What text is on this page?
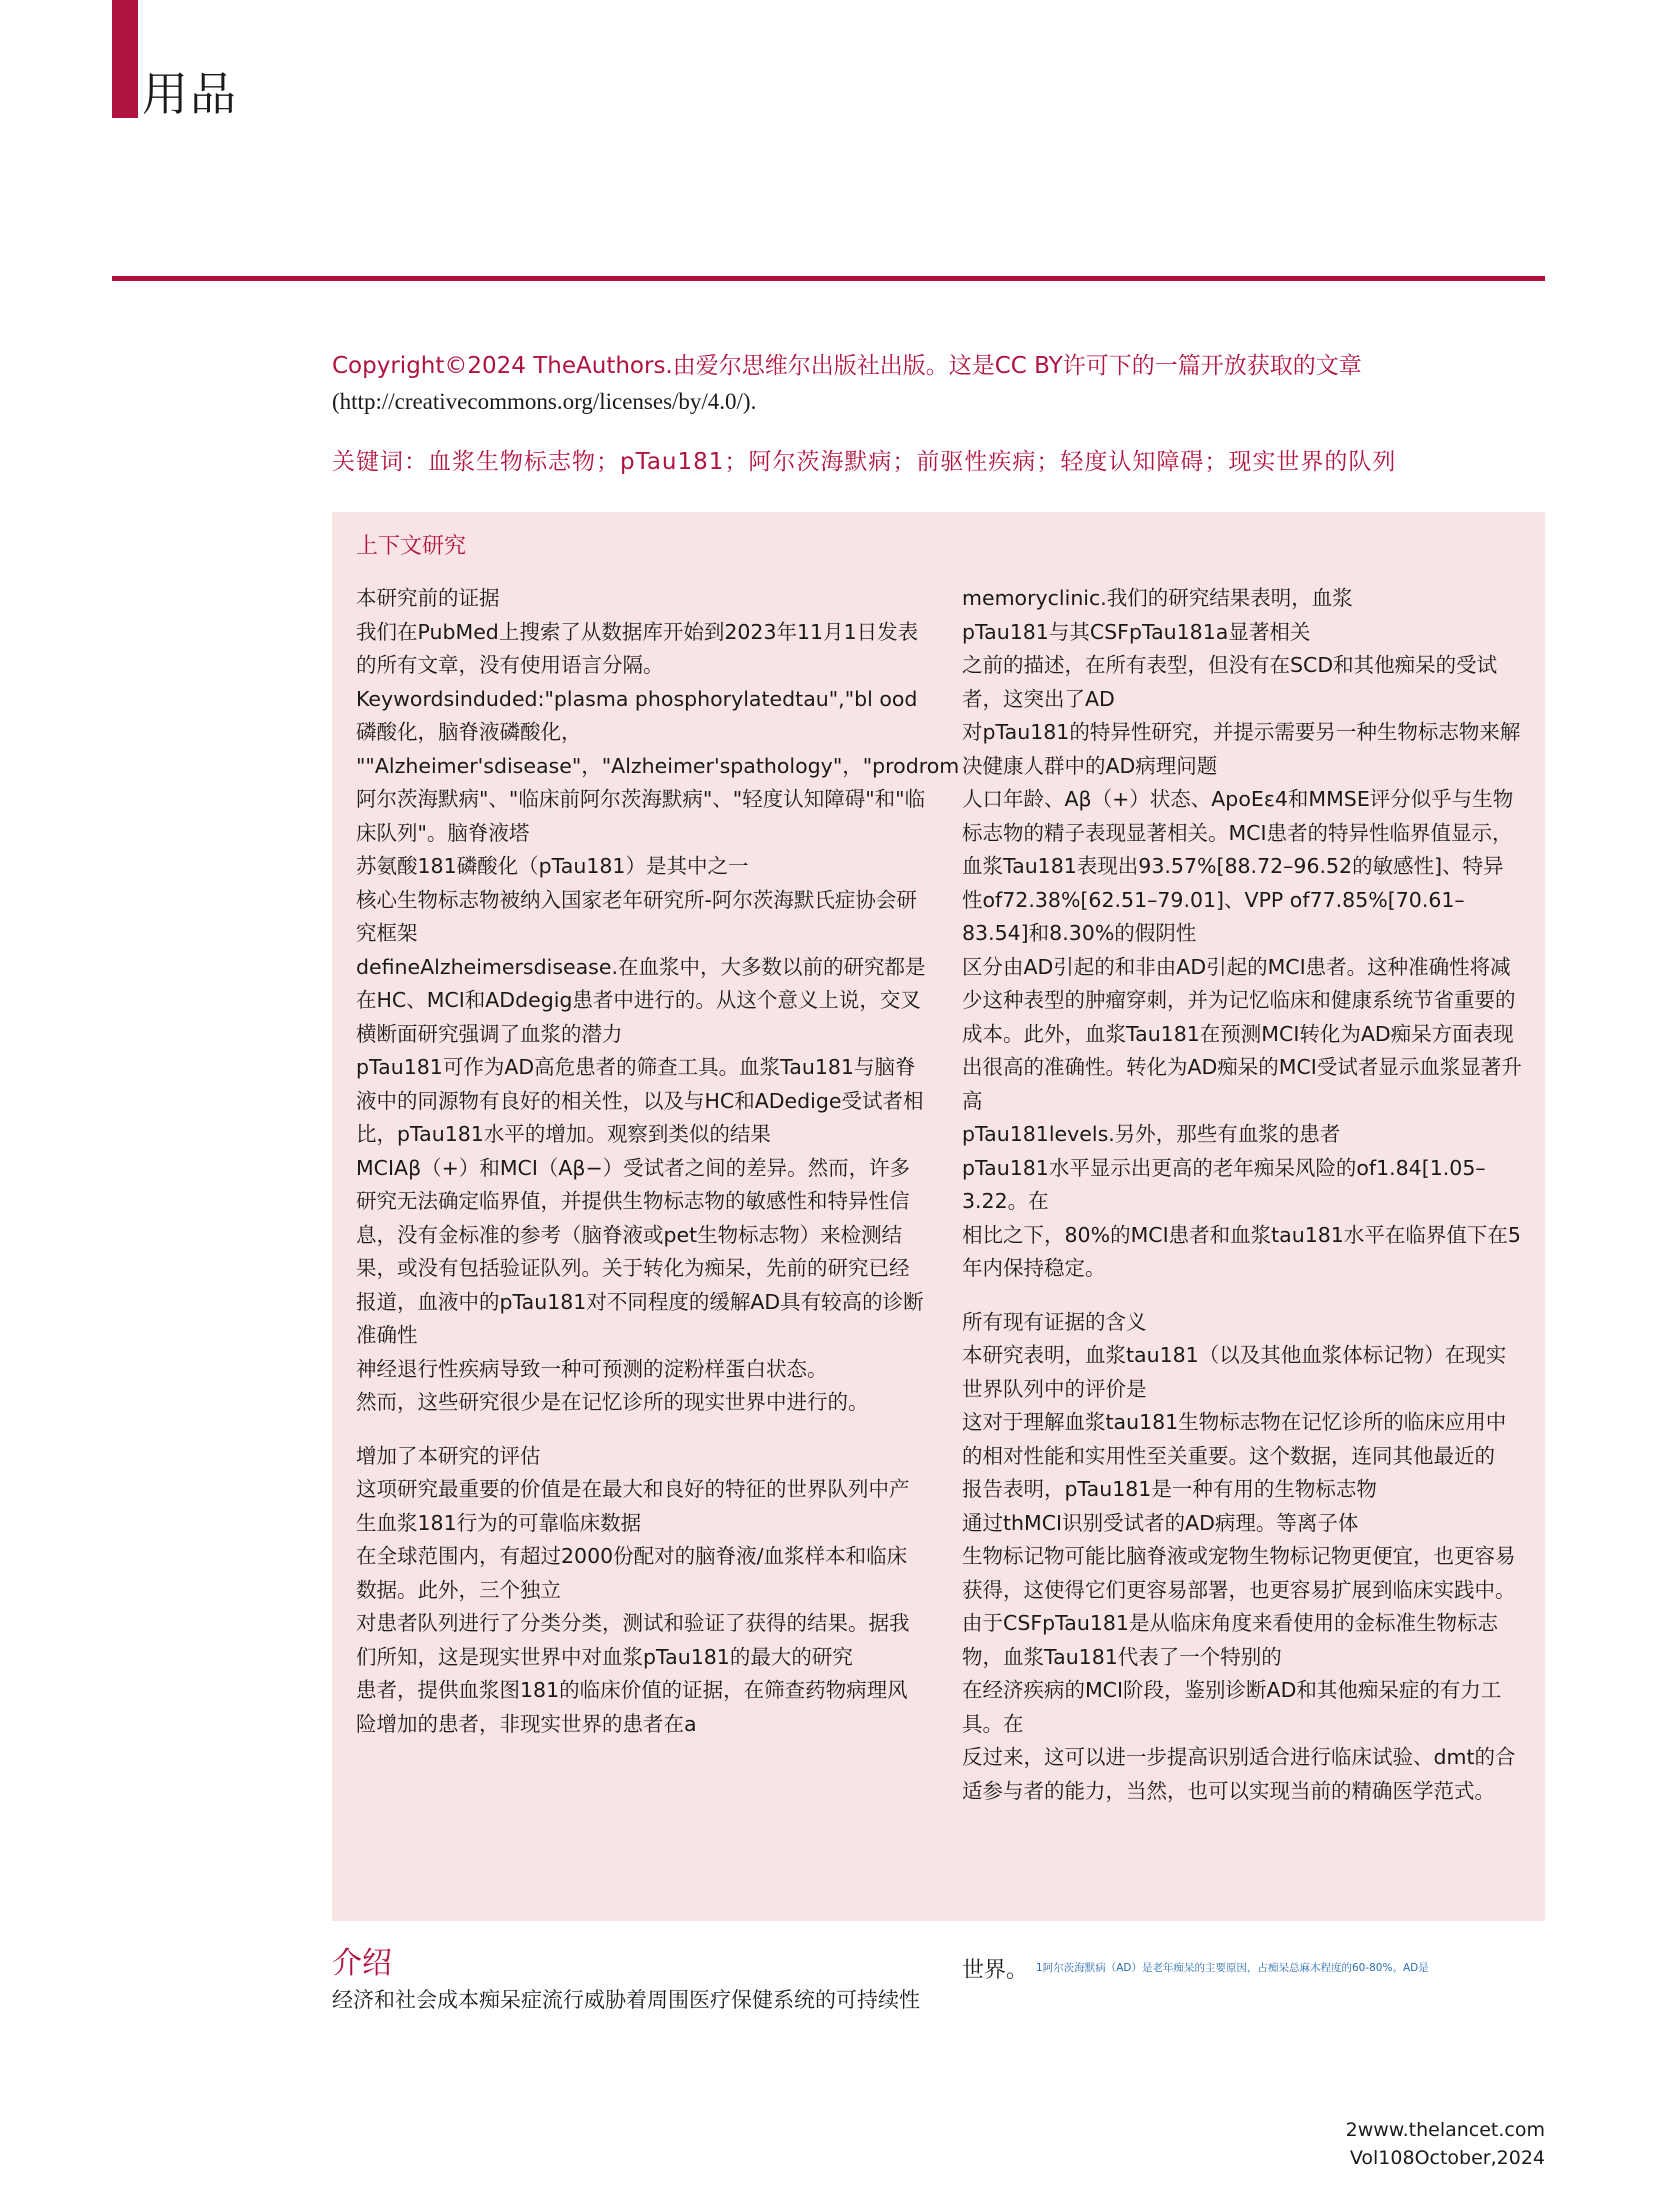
用品
Copyright©2024 TheAuthors.由爱尔思维尔出版社出版。这是CC BY许可下的一篇开放获取的文章
(http://creativecommons.org/licenses/by/4.0/).
关键词：血浆生物标志物；pTau181；阿尔茨海默病；前驱性疾病；轻度认知障碍；现实世界的队列
上下文研究

本研究前的证据

我们在PubMed上搜索了从数据库开始到2023年11月1日发表的所有文章，没有使用语言分隔。Keywordsinduded:"plasma phosphorylatedtau","bl ood

磷酸化，脑脊液磷酸化，

""Alzheimer'sdisease"，"Alzheimer'spathology"，"prodrom

阿尔茨海默病"、"临床前阿尔茨海默病"、"轻度认知障碍"和"临床队列"。脑脊液塔

苏氨酸181磷酸化（pTau181）是其中之一

核心生物标志物被纳入国家老年研究所-阿尔茨海默氏症协会研究框架

defineAlzheimersdisease.在血浆中，大多数以前的研究都是在HC、MCI和ADdegig患者中进行的。从这个意义上说，交叉

横断面研究强调了血浆的潜力

pTau181可作为AD高危患者的筛查工具。血浆Tau181与脑脊液中的同源物有良好的相关性，以及与HC和ADedige受试者相比，pTau181水平的增加。观察到类似的结果

MCIAβ（+）和MCI（Aβ−）受试者之间的差异。然而，许多研究无法确定临界值，并提供生物标志物的敏感性和特异性信息，没有金标准的参考（脑脊液或pet生物标志物）来检测结果，或没有包括验证队列。关于转化为痴呆，先前的研究已经报道，血液中的pTau181对不同程度的缓解AD具有较高的诊断准确性

神经退行性疾病导致一种可预测的淀粉样蛋白状态。

然而，这些研究很少是在记忆诊所的现实世界中进行的。

增加了本研究的评估

这项研究最重要的价值是在最大和良好的特征的世界队列中产生血浆181行为的可靠临床数据

在全球范围内，有超过2000份配对的脑脊液/血浆样本和临床数据。此外，三个独立

对患者队列进行了分类分类，测试和验证了获得的结果。据我们所知，这是现实世界中对血浆pTau181的最大的研究

患者，提供血浆图181的临床价值的证据，在筛查药物病理风险增加的患者，非现实世界的患者在a

memoryclinic.我们的研究结果表明，血浆

pTau181与其CSFpTau181a显著相关

之前的描述，在所有表型，但没有在SCD和其他痴呆的受试者，这突出了AD

对pTau181的特异性研究，并提示需要另一种生物标志物来解决健康人群中的AD病理问题

人口年龄、Aβ（+）状态、ApoEε4和MMSE评分似乎与生物标志物的精子表现显著相关。MCI患者的特异性临界值显示，血浆Tau181表现出93.57%[88.72–96.52的敏感性]、特异性of72.38%[62.51–79.01]、VPP of77.85%[70.61–83.54]和8.30%的假阴性

区分由AD引起的和非由AD引起的MCI患者。这种准确性将减少这种表型的肿瘤穿刺，并为记忆临床和健康系统节省重要的成本。此外，血浆Tau181在预测MCI转化为AD痴呆方面表现出很高的准确性。转化为AD痴呆的MCI受试者显示血浆显著升高

pTau181levels.另外，那些有血浆的患者

pTau181水平显示出更高的老年痴呆风险的of1.84[1.05–3.22。在

相比之下，80%的MCI患者和血浆tau181水平在临界值下在5年内保持稳定。

所有现有证据的含义

本研究表明，血浆tau181（以及其他血浆体标记物）在现实世界队列中的评价是

这对于理解血浆tau181生物标志物在记忆诊所的临床应用中的相对性能和实用性至关重要。这个数据，连同其他最近的

报告表明，pTau181是一种有用的生物标志物

通过thMCI识别受试者的AD病理。等离子体

生物标记物可能比脑脊液或宠物生物标记物更便宜，也更容易获得，这使得它们更容易部署，也更容易扩展到临床实践中。由于CSFpTau181是从临床角度来看使用的金标准生物标志物，血浆Tau181代表了一个特别的

在经济疾病的MCI阶段，鉴别诊断AD和其他痴呆症的有力工具。在

反过来，这可以进一步提高识别适合进行临床试验、dmt的合适参与者的能力，当然，也可以实现当前的精确医学范式。

介绍
经济和社会成本痴呆症流行威胁着周围医疗保健系统的可持续性
世界。 $^{1阿尔茨海默病(AD)是老年痴呆的主要原因,占痴呆总麻木程度的60-80\%。AD是}$
2www.thelancet.com Vol108October,2024
